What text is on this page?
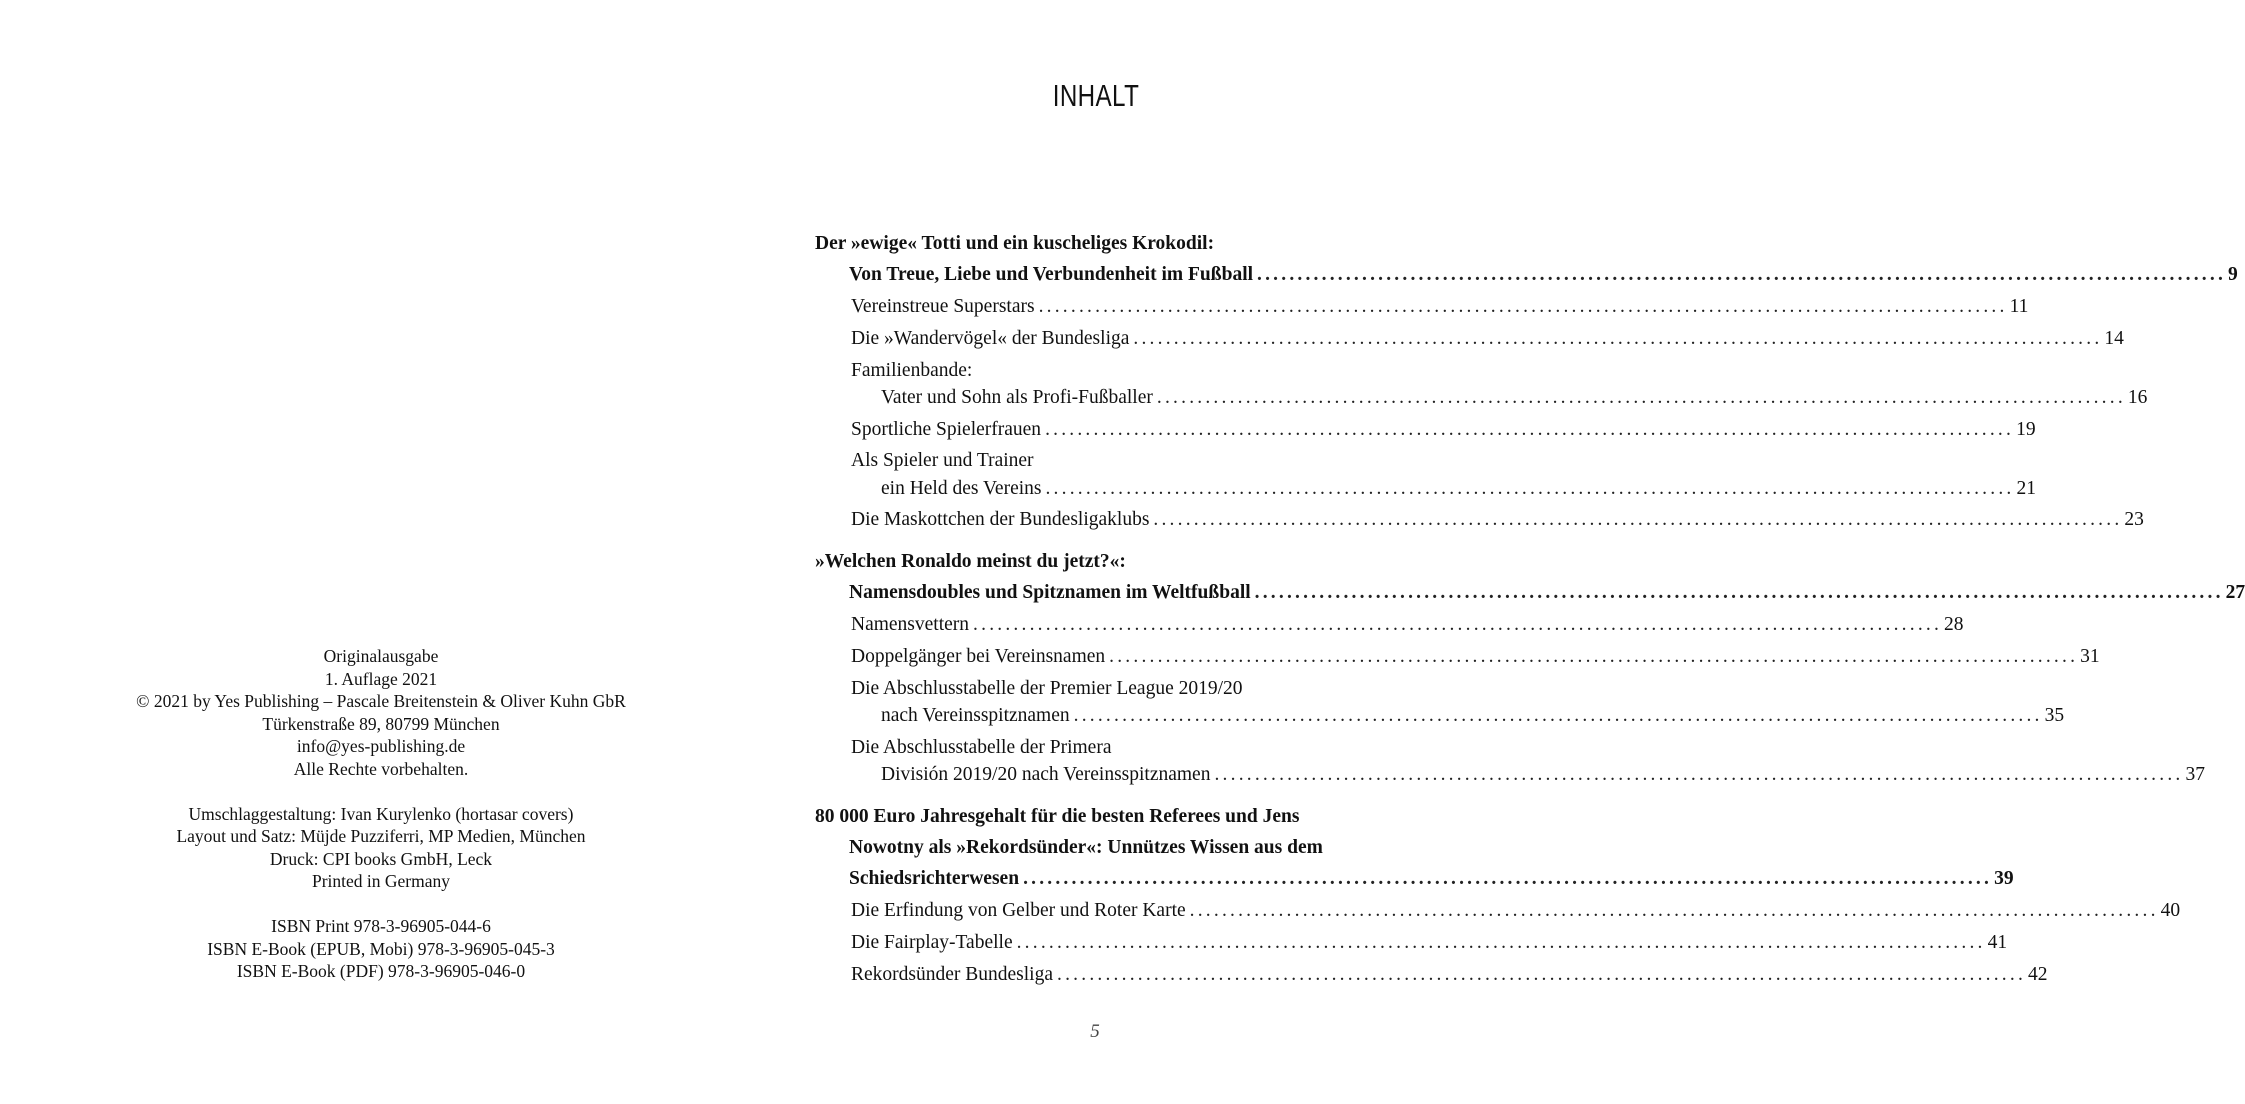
Originalausgabe
1. Auflage 2021
© 2021 by Yes Publishing – Pascale Breitenstein & Oliver Kuhn GbR
Türkenstraße 89, 80799 München
info@yes-publishing.de
Alle Rechte vorbehalten.
Umschlaggestaltung: Ivan Kurylenko (hortasar covers)
Layout und Satz: Müjde Puzziferri, MP Medien, München
Druck: CPI books GmbH, Leck
Printed in Germany
ISBN Print 978-3-96905-044-6
ISBN E-Book (EPUB, Mobi) 978-3-96905-045-3
ISBN E-Book (PDF) 978-3-96905-046-0
INHALT
Der »ewige« Totti und ein kuscheliges Krokodil:
Von Treue, Liebe und Verbundenheit im Fußball ........................................................................................................................ 9
Vereinstreue Superstars ........................................................................................................................ 11
Die »Wandervögel« der Bundesliga ........................................................................................................................ 14
Familienbande:
Vater und Sohn als Profi-Fußballer ........................................................................................................................ 16
Sportliche Spielerfrauen ........................................................................................................................ 19
Als Spieler und Trainer
ein Held des Vereins ........................................................................................................................ 21
Die Maskottchen der Bundesligaklubs ........................................................................................................................ 23
»Welchen Ronaldo meinst du jetzt?«:
Namensdoubles und Spitznamen im Weltfußball ........................................................................................................................ 27
Namensvettern ........................................................................................................................ 28
Doppelgänger bei Vereinsnamen ........................................................................................................................ 31
Die Abschlusstabelle der Premier League 2019/20
nach Vereinsspitznamen ........................................................................................................................ 35
Die Abschlusstabelle der Primera
División 2019/20 nach Vereinsspitznamen ........................................................................................................................ 37
80 000 Euro Jahresgehalt für die besten Referees und Jens
Nowotny als »Rekordsünder«: Unnützes Wissen aus dem
Schiedsrichterwesen ........................................................................................................................ 39
Die Erfindung von Gelber und Roter Karte ........................................................................................................................ 40
Die Fairplay-Tabelle ........................................................................................................................ 41
Rekordsünder Bundesliga ........................................................................................................................ 42
5
